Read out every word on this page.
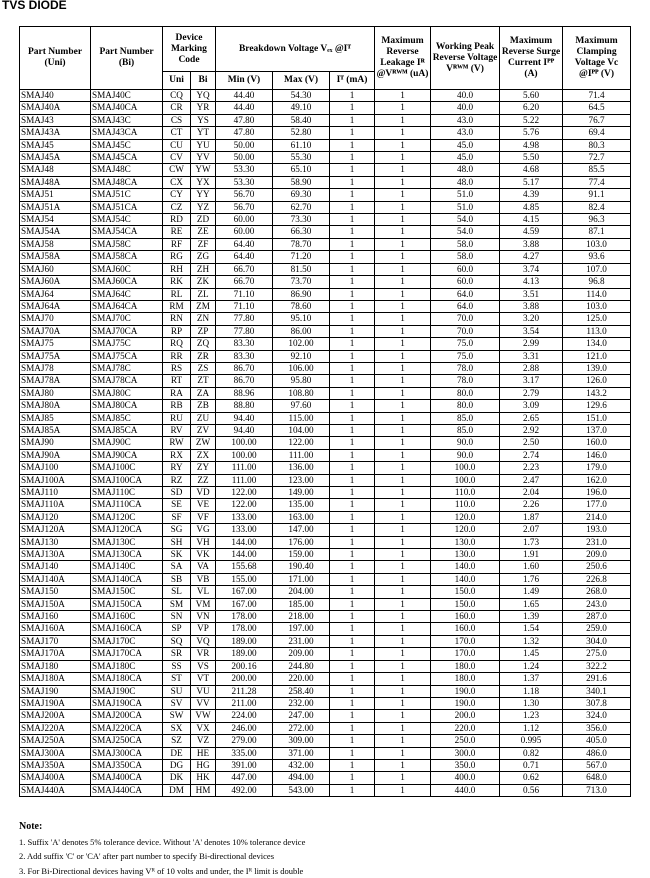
TVS DIODE
Part Number (Uni)	Part Number (Bi)	Device Marking Code		Breakdown Voltage Vₑₓ @Iᵀ			Maximum Reverse Leakage Iᴿ @Vᴿᵂᴹ (uA)	Working Peak Reverse Voltage Vᴿᵂᴹ (V)	Maximum Reverse Surge Current Iᴾᴾ (A)	Maximum Clamping Voltage Vc @Iᴾᴾ (V)
		Uni	Bi	Min (V)	Max (V)	Iᵀ (mA)				
SMAJ40	SMAJ40C	CQ	YQ	44.40	54.30	1	1	40.0	5.60	71.4
SMAJ40A	SMAJ40CA	CR	YR	44.40	49.10	1	1	40.0	6.20	64.5
SMAJ43	SMAJ43C	CS	YS	47.80	58.40	1	1	43.0	5.22	76.7
SMAJ43A	SMAJ43CA	CT	YT	47.80	52.80	1	1	43.0	5.76	69.4
SMAJ45	SMAJ45C	CU	YU	50.00	61.10	1	1	45.0	4.98	80.3
SMAJ45A	SMAJ45CA	CV	YV	50.00	55.30	1	1	45.0	5.50	72.7
SMAJ48	SMAJ48C	CW	YW	53.30	65.10	1	1	48.0	4.68	85.5
SMAJ48A	SMAJ48CA	CX	YX	53.30	58.90	1	1	48.0	5.17	77.4
SMAJ51	SMAJ51C	CY	YY	56.70	69.30	1	1	51.0	4.39	91.1
SMAJ51A	SMAJ51CA	CZ	YZ	56.70	62.70	1	1	51.0	4.85	82.4
SMAJ54	SMAJ54C	RD	ZD	60.00	73.30	1	1	54.0	4.15	96.3
SMAJ54A	SMAJ54CA	RE	ZE	60.00	66.30	1	1	54.0	4.59	87.1
SMAJ58	SMAJ58C	RF	ZF	64.40	78.70	1	1	58.0	3.88	103.0
SMAJ58A	SMAJ58CA	RG	ZG	64.40	71.20	1	1	58.0	4.27	93.6
SMAJ60	SMAJ60C	RH	ZH	66.70	81.50	1	1	60.0	3.74	107.0
SMAJ60A	SMAJ60CA	RK	ZK	66.70	73.70	1	1	60.0	4.13	96.8
SMAJ64	SMAJ64C	RL	ZL	71.10	86.90	1	1	64.0	3.51	114.0
SMAJ64A	SMAJ64CA	RM	ZM	71.10	78.60	1	1	64.0	3.88	103.0
SMAJ70	SMAJ70C	RN	ZN	77.80	95.10	1	1	70.0	3.20	125.0
SMAJ70A	SMAJ70CA	RP	ZP	77.80	86.00	1	1	70.0	3.54	113.0
SMAJ75	SMAJ75C	RQ	ZQ	83.30	102.00	1	1	75.0	2.99	134.0
SMAJ75A	SMAJ75CA	RR	ZR	83.30	92.10	1	1	75.0	3.31	121.0
SMAJ78	SMAJ78C	RS	ZS	86.70	106.00	1	1	78.0	2.88	139.0
SMAJ78A	SMAJ78CA	RT	ZT	86.70	95.80	1	1	78.0	3.17	126.0
SMAJ80	SMAJ80C	RA	ZA	88.96	108.80	1	1	80.0	2.79	143.2
SMAJ80A	SMAJ80CA	RB	ZB	88.80	97.60	1	1	80.0	3.09	129.6
SMAJ85	SMAJ85C	RU	ZU	94.40	115.00	1	1	85.0	2.65	151.0
SMAJ85A	SMAJ85CA	RV	ZV	94.40	104.00	1	1	85.0	2.92	137.0
SMAJ90	SMAJ90C	RW	ZW	100.00	122.00	1	1	90.0	2.50	160.0
SMAJ90A	SMAJ90CA	RX	ZX	100.00	111.00	1	1	90.0	2.74	146.0
SMAJ100	SMAJ100C	RY	ZY	111.00	136.00	1	1	100.0	2.23	179.0
SMAJ100A	SMAJ100CA	RZ	ZZ	111.00	123.00	1	1	100.0	2.47	162.0
SMAJ110	SMAJ110C	SD	VD	122.00	149.00	1	1	110.0	2.04	196.0
SMAJ110A	SMAJ110CA	SE	VE	122.00	135.00	1	1	110.0	2.26	177.0
SMAJ120	SMAJ120C	SF	VF	133.00	163.00	1	1	120.0	1.87	214.0
SMAJ120A	SMAJ120CA	SG	VG	133.00	147.00	1	1	120.0	2.07	193.0
SMAJ130	SMAJ130C	SH	VH	144.00	176.00	1	1	130.0	1.73	231.0
SMAJ130A	SMAJ130CA	SK	VK	144.00	159.00	1	1	130.0	1.91	209.0
SMAJ140	SMAJ140C	SA	VA	155.68	190.40	1	1	140.0	1.60	250.6
SMAJ140A	SMAJ140CA	SB	VB	155.00	171.00	1	1	140.0	1.76	226.8
SMAJ150	SMAJ150C	SL	VL	167.00	204.00	1	1	150.0	1.49	268.0
SMAJ150A	SMAJ150CA	SM	VM	167.00	185.00	1	1	150.0	1.65	243.0
SMAJ160	SMAJ160C	SN	VN	178.00	218.00	1	1	160.0	1.39	287.0
SMAJ160A	SMAJ160CA	SP	VP	178.00	197.00	1	1	160.0	1.54	259.0
SMAJ170	SMAJ170C	SQ	VQ	189.00	231.00	1	1	170.0	1.32	304.0
SMAJ170A	SMAJ170CA	SR	VR	189.00	209.00	1	1	170.0	1.45	275.0
SMAJ180	SMAJ180C	SS	VS	200.16	244.80	1	1	180.0	1.24	322.2
SMAJ180A	SMAJ180CA	ST	VT	200.00	220.00	1	1	180.0	1.37	291.6
SMAJ190	SMAJ190C	SU	VU	211.28	258.40	1	1	190.0	1.18	340.1
SMAJ190A	SMAJ190CA	SV	VV	211.00	232.00	1	1	190.0	1.30	307.8
SMAJ200A	SMAJ200CA	SW	VW	224.00	247.00	1	1	200.0	1.23	324.0
SMAJ220A	SMAJ220CA	SX	VX	246.00	272.00	1	1	220.0	1.12	356.0
SMAJ250A	SMAJ250CA	SZ	VZ	279.00	309.00	1	1	250.0	0.995	405.0
SMAJ300A	SMAJ300CA	DE	HE	335.00	371.00	1	1	300.0	0.82	486.0
SMAJ350A	SMAJ350CA	DG	HG	391.00	432.00	1	1	350.0	0.71	567.0
SMAJ400A	SMAJ400CA	DK	HK	447.00	494.00	1	1	400.0	0.62	648.0
SMAJ440A	SMAJ440CA	DM	HM	492.00	543.00	1	1	440.0	0.56	713.0
Note:
1. Suffix 'A' denotes 5% tolerance device. Without 'A' denotes 10% tolerance device
2. Add suffix 'C' or 'CA' after part number to specify Bi-directional devices
3. For Bi-Directional devices having Vᴿ of 10 volts and under, the Iᴿ limit is double
